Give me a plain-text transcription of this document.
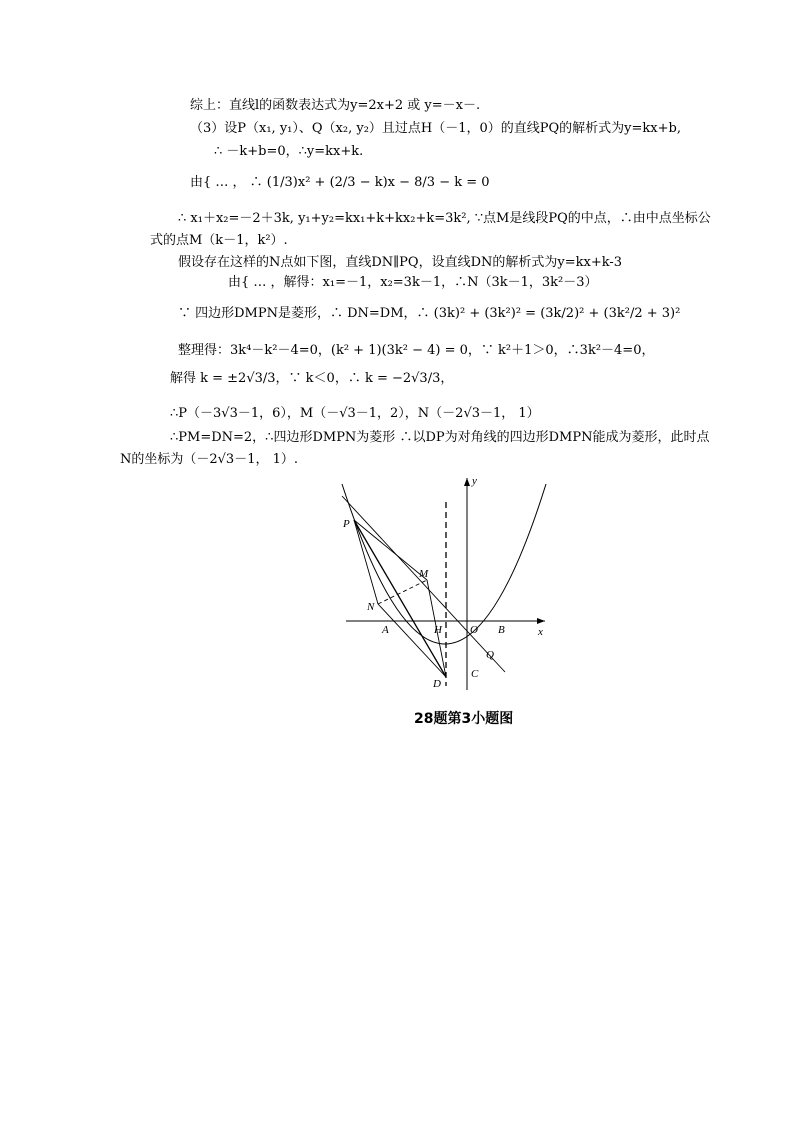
综上：直线l的函数表达式为y=2x+2 或 y=－x－.
（3）设P（x₁, y₁）、Q（x₂, y₂）且过点H（－1，0）的直线PQ的解析式为y=kx+b,
∴ －k+b=0，∴y=kx+k.
由{ … ， ∴ (1/3)x² + (2/3 − k)x − 8/3 − k = 0
∴ x₁＋x₂=－2＋3k, y₁+y₂=kx₁+k+kx₂+k=3k², ∵点M是线段PQ的中点，∴由中点坐标公
式的点M（k－1，k²）.
假设存在这样的N点如下图，直线DN∥PQ，设直线DN的解析式为y=kx+k-3
由{ … ，解得：x₁=－1，x₂=3k－1，∴N（3k－1，3k²－3）
∵ 四边形DMPN是菱形，∴ DN=DM，∴ (3k)² + (3k²)² = (3k/2)² + (3k²/2 + 3)²
整理得：3k⁴－k²－4=0，(k² + 1)(3k² − 4) = 0，∵ k²＋1＞0，∴3k²－4=0，
解得 k = ±2√3/3，∵ k＜0，∴ k = −2√3/3，
∴P（－3√3－1，6），M（－√3－1，2），N（－2√3－1， 1）
∴PM=DN=2，∴四边形DMPN为菱形 ∴以DP为对角线的四边形DMPN能成为菱形，此时点
N的坐标为（－2√3－1， 1）.
y
x
O
A	B
H
C
D
P
M
N
Q
28题第3小题图
